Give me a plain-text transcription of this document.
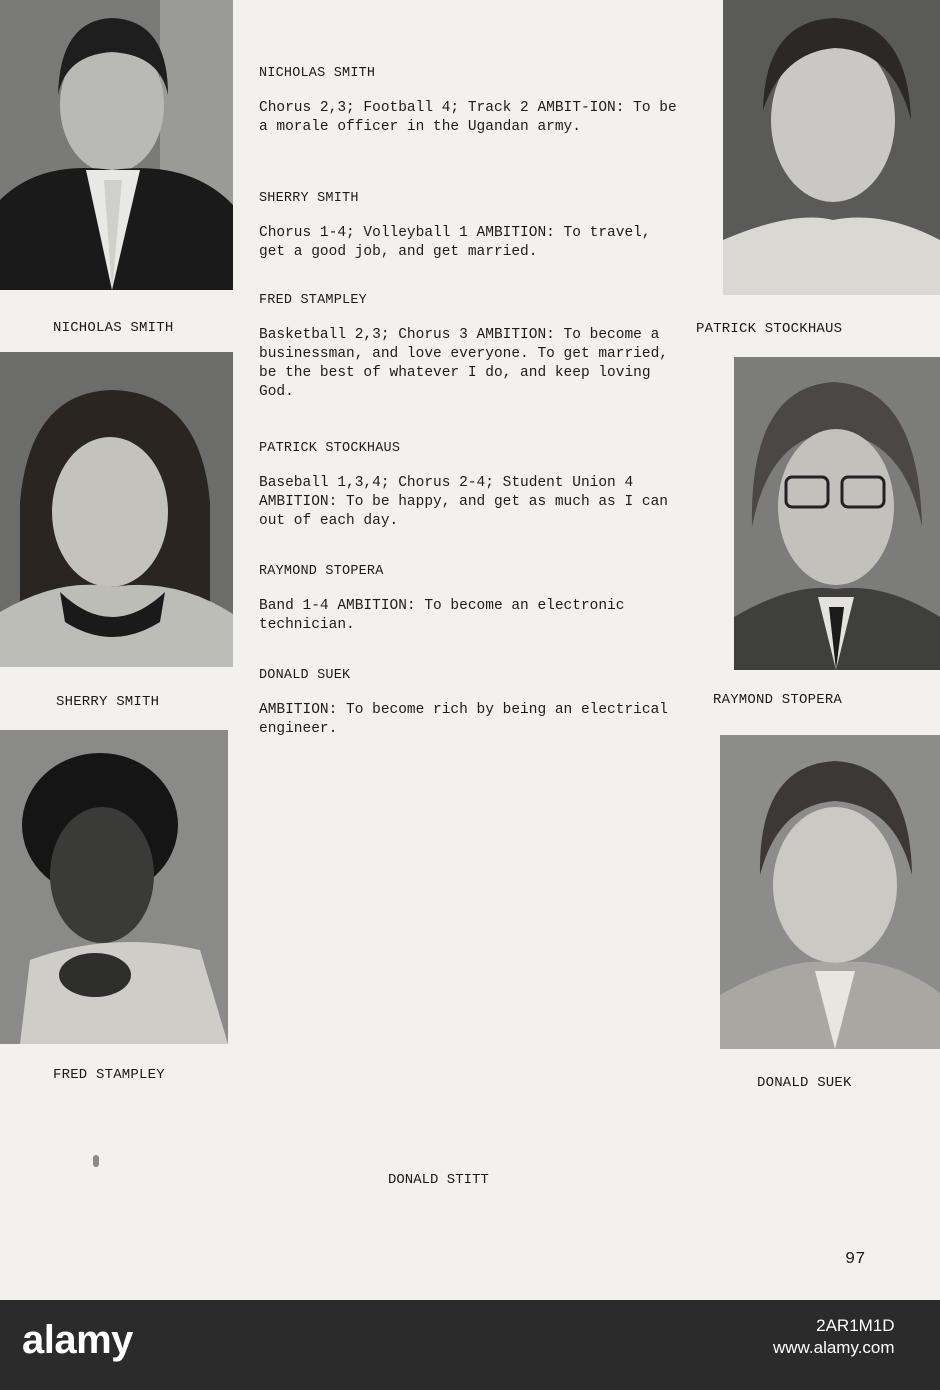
NICHOLAS SMITH
SHERRY SMITH
FRED STAMPLEY
PATRICK STOCKHAUS
RAYMOND STOPERA
DONALD SUEK
NICHOLAS SMITH
Chorus 2,3; Football 4; Track 2 AMBIT-ION: To be a morale officer in the Ugandan army.
SHERRY SMITH
Chorus 1-4; Volleyball 1 AMBITION: To travel, get a good job, and get married.
FRED STAMPLEY
Basketball 2,3; Chorus 3 AMBITION: To become a businessman, and love everyone. To get married, be the best of whatever I do, and keep loving God.
PATRICK STOCKHAUS
Baseball 1,3,4; Chorus 2-4; Student Union 4 AMBITION: To be happy, and get as much as I can out of each day.
RAYMOND STOPERA
Band 1-4 AMBITION: To become an electronic technician.
DONALD SUEK
AMBITION: To become rich by being an electrical engineer.
DONALD STITT
97
alamy	2AR1M1D
www.alamy.com
